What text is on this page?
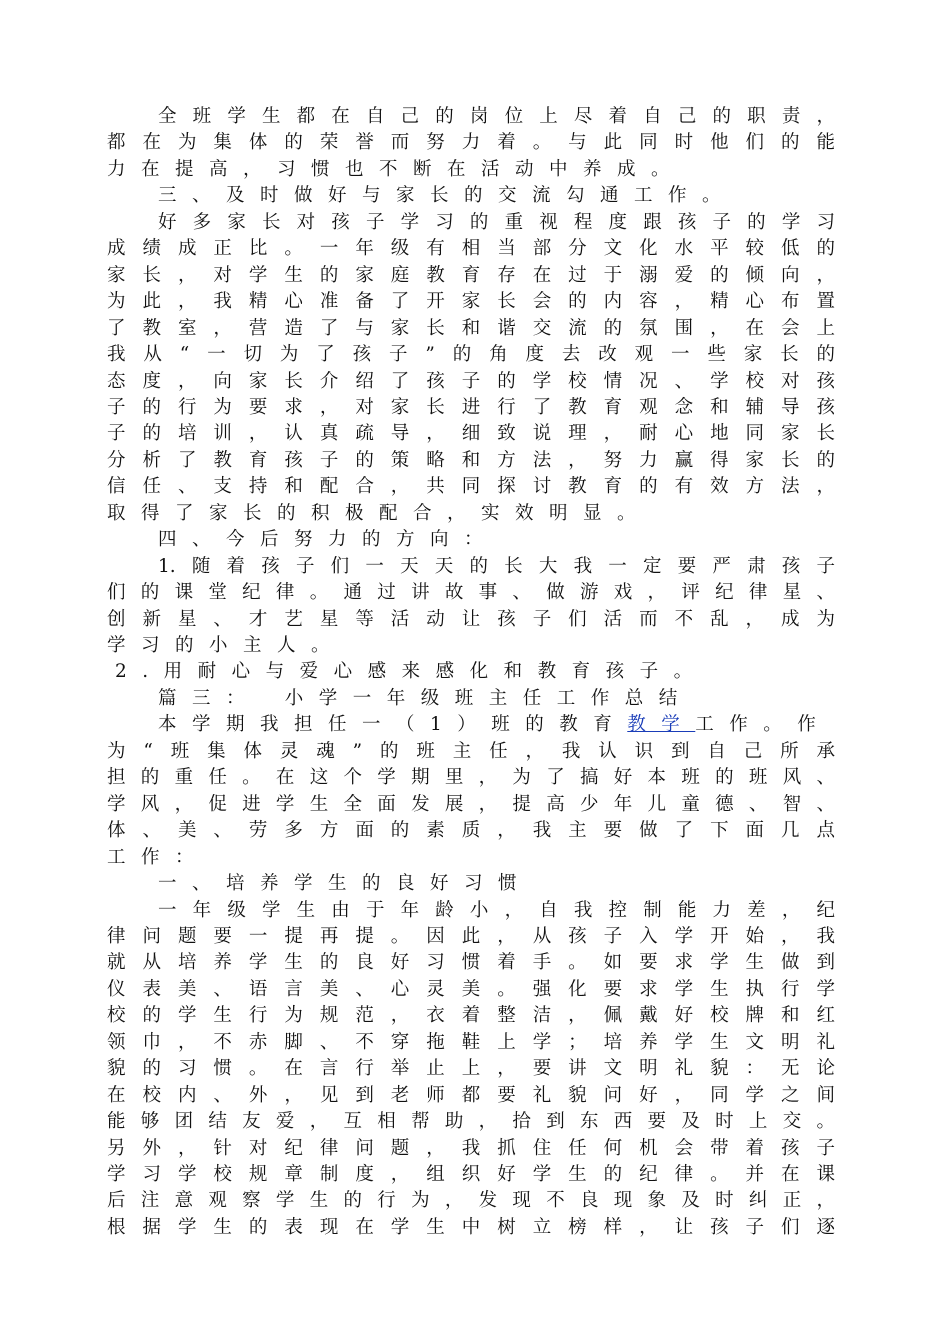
全班学生都在自己的岗位上尽着自己的职责，
都在为集体的荣誉而努力着。与此同时他们的能
力在提高，习惯也不断在活动中养成。
三、及时做好与家长的交流勾通工作。
好多家长对孩子学习的重视程度跟孩子的学习
成绩成正比。一年级有相当部分文化水平较低的
家长，对学生的家庭教育存在过于溺爱的倾向，
为此，我精心准备了开家长会的内容，精心布置
了教室，营造了与家长和谐交流的氛围，在会上
我从“一切为了孩子”的角度去改观一些家长的
态度，向家长介绍了孩子的学校情况、学校对孩
子的行为要求，对家长进行了教育观念和辅导孩
子的培训，认真疏导，细致说理，耐心地同家长
分析了教育孩子的策略和方法，努力赢得家长的
信任、支持和配合，共同探讨教育的有效方法，
取得了家长的积极配合，实效明显。
四、今后努力的方向：
1.随着孩子们一天天的长大我一定要严肃孩子
们的课堂纪律。通过讲故事、做游戏，评纪律星、
创新星、才艺星等活动让孩子们活而不乱，成为
学习的小主人。
2.用耐心与爱心感来感化和教育孩子。
篇三：　小学一年级班主任工作总结
本学期我担任一（1）班的教育教学工作。作
为“班集体灵魂”的班主任，我认识到自己所承
担的重任。在这个学期里，为了搞好本班的班风、
学风，促进学生全面发展，提高少年儿童德、智、
体、美、劳多方面的素质，我主要做了下面几点
工作：
一、培养学生的良好习惯
一年级学生由于年龄小，自我控制能力差，纪
律问题要一提再提。因此，从孩子入学开始，我
就从培养学生的良好习惯着手。如要求学生做到
仪表美、语言美、心灵美。强化要求学生执行学
校的学生行为规范，衣着整洁，佩戴好校牌和红
领巾，不赤脚、不穿拖鞋上学；培养学生文明礼
貌的习惯。在言行举止上，要讲文明礼貌：无论
在校内、外，见到老师都要礼貌问好，同学之间
能够团结友爱，互相帮助，拾到东西要及时上交。
另外，针对纪律问题，我抓住任何机会带着孩子
学习学校规章制度，组织好学生的纪律。并在课
后注意观察学生的行为，发现不良现象及时纠正，
根据学生的表现在学生中树立榜样，让孩子们逐
